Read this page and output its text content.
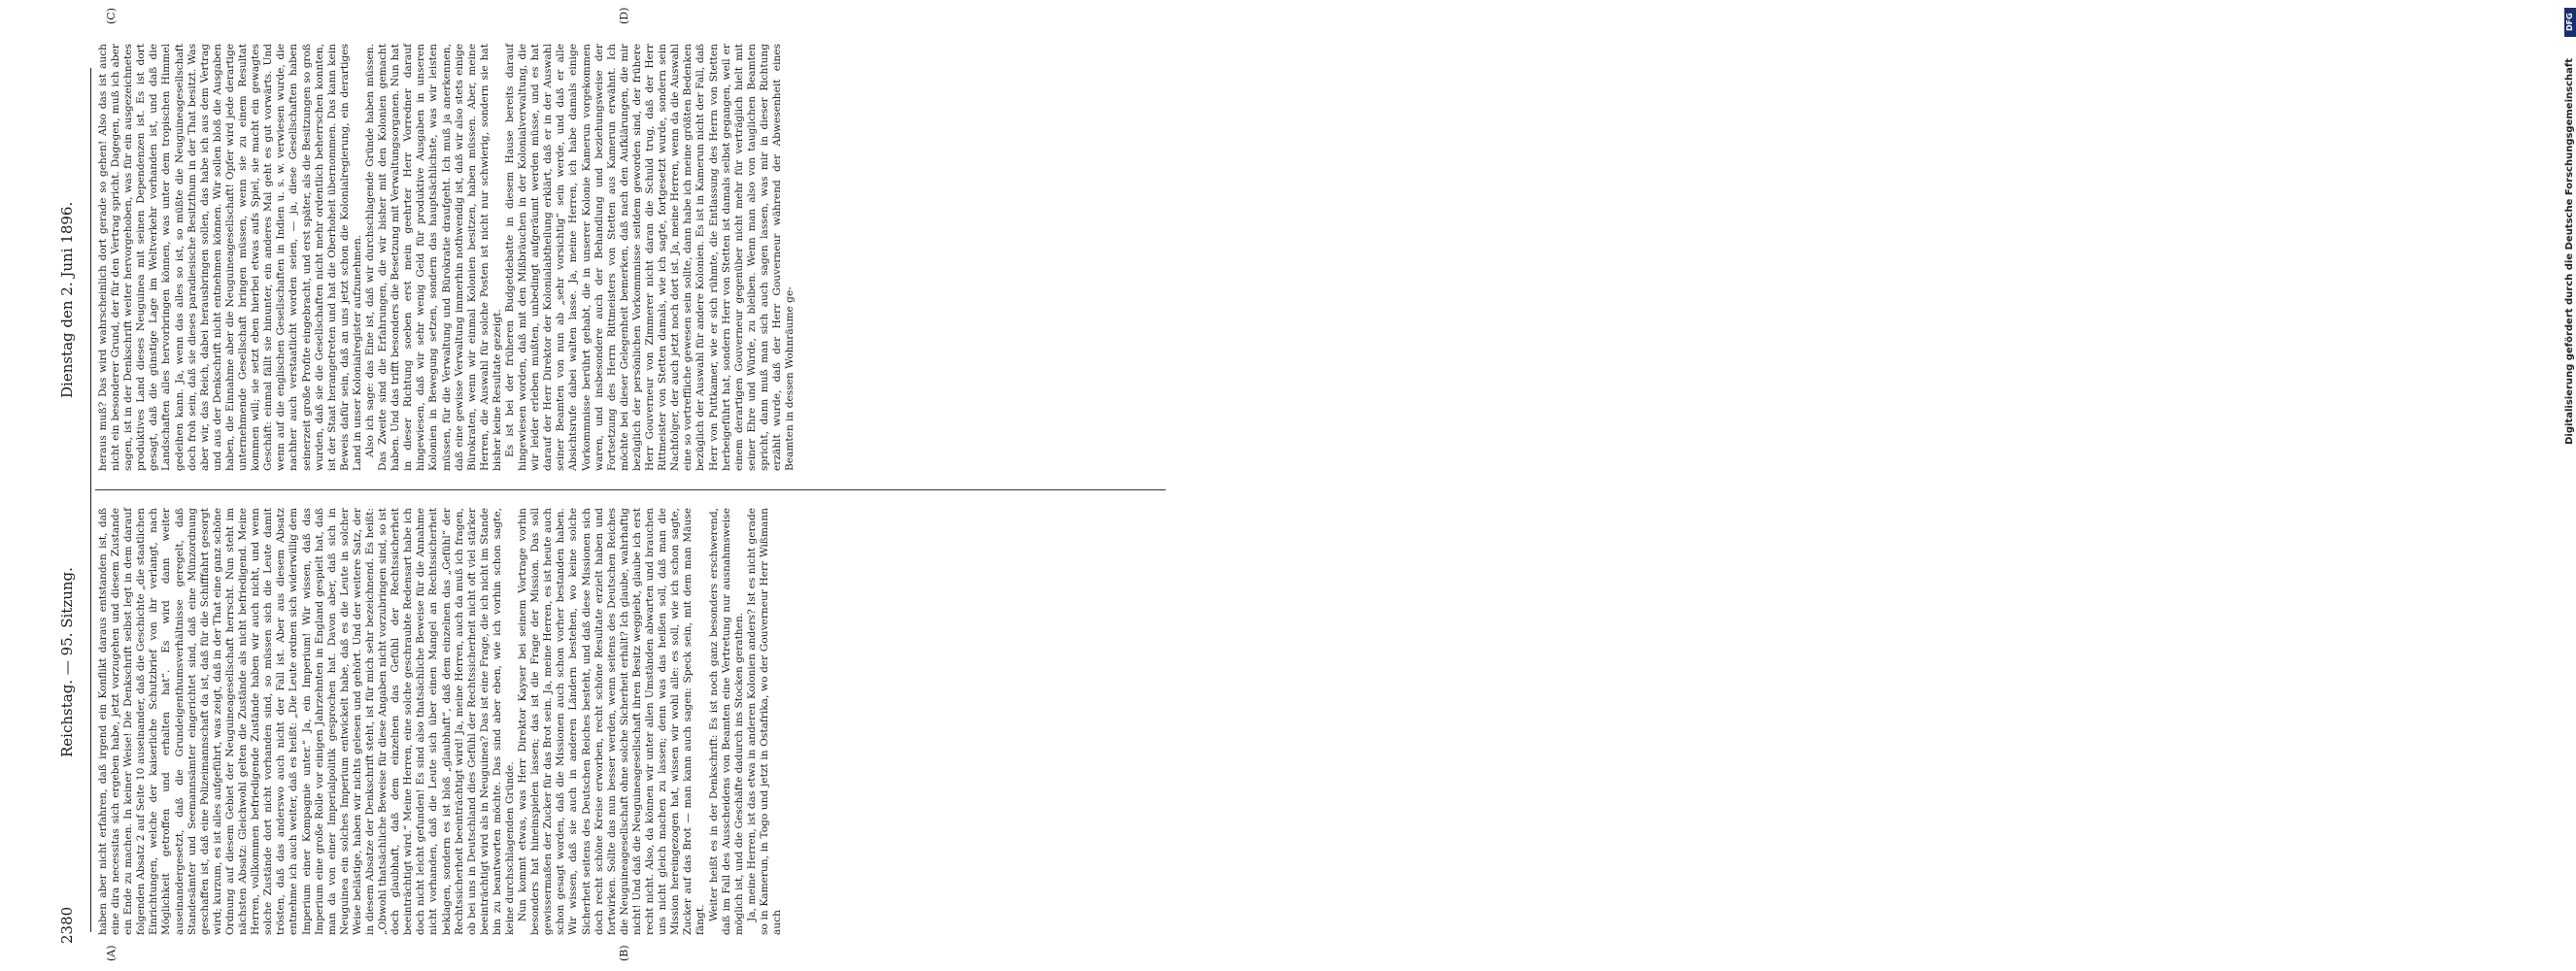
2380
Reichstag. — 95. Sitzung.
Dienstag den 2. Juni 1896.
(A)	(B)
(C)	(D)

haben aber nicht erfahren, daß irgend ein Konflikt daraus entstanden ist, daß eine dira necessitas sich ergeben habe, jetzt vorzugehen und diesem Zustande ein Ende zu machen. In keiner Weise! Die Denkschrift selbst legt in dem darauf folgenden Absatz 2 auf Seite 10 auseinander, daß die Geschichte „die staatlichen Einrichtungen, welche der kaiserliche Schutzbrief von ihr verlangt, nach Möglichkeit getroffen und erhalten hat“. Es wird dann weiter auseinandergesetzt, daß die Grundeigenthumsverhältnisse geregelt, daß Standesämter und Seemannsämter eingerichtet sind, daß eine Münzordnung geschaffen ist, daß eine Polizeimannschaft da ist, daß für die Schifffahrt gesorgt wird; kurzum, es ist alles aufgeführt, was zeigt, daß in der That eine ganz schöne Ordnung auf diesem Gebiet der Neuguineagesellschaft herrscht. Nun steht im nächsten Absatz: Gleichwohl gelten die Zustände als nicht befriedigend. Meine Herren, vollkommen befriedigende Zustände haben wir auch nicht, und wenn solche Zustände dort nicht vorhanden sind, so müssen sich die Leute damit trösten, daß das anderswo auch nicht der Fall ist. Aber aus diesem Absatz entnehme ich auch weiter, daß es heißt: „Die Leute ordnen sich widerwillig dem Imperium einer Kompagnie unter.“ Ja, ein Imperium! Wir wissen, daß das Imperium eine große Rolle vor einigen Jahrzehnten in England gespielt hat, daß man da von einer Imperialpolitik gesprochen hat. Davon aber, daß sich in Neuguinea ein solches Imperium entwickelt habe, daß es die Leute in solcher Weise belästige, haben wir nichts gelesen und gehört. Und der weitere Satz, der in diesem Absatze der Denkschrift steht, ist für mich sehr bezeichnend. Es heißt: „Obwohl thatsächliche Beweise für diese Angaben nicht vorzubringen sind, so ist doch glaubhaft, daß dem einzelnen das Gefühl der Rechtssicherheit beeinträchtigt wird.“ Meine Herren, eine solche geschraubte Redensart habe ich doch nicht leicht gefunden! Es sind also thatsächliche Beweise für die Annahme nicht vorhanden, daß die Leute sich über einen Mangel an Rechtssicherheit beklagen, sondern es ist bloß „glaubhaft“, daß dem einzelnen das „Gefühl“ der Rechtssicherheit beeinträchtigt wird! Ja, meine Herren, auch da muß ich fragen, ob bei uns in Deutschland dies Gefühl der Rechtssicherheit nicht oft viel stärker beeinträchtigt wird als in Neuguinea? Das ist eine Frage, die ich nicht im Stande bin zu beantworten möchte. Das sind aber eben, wie ich vorhin schon sagte, keine durchschlagenden Gründe. Nun kommt etwas, was Herr Direktor Kayser bei seinem Vortrage vorhin besonders hat hineinspielen lassen; das ist die Frage der Mission. Das soll gewissermaßen der Zucker für das Brot sein. Ja, meine Herren, es ist heute auch schon gesagt worden, daß die Missionen auch schon vorher bestanden haben. Wir wissen, daß sie auch in anderen Ländern bestehen, wo keine solche Sicherheit seitens des Deutschen Reiches besteht, und daß diese Missionen sich doch recht schöne Kreise erworben, recht schöne Resultate erzielt haben und fortwirken. Sollte das nun besser werden, wenn seitens des Deutschen Reiches die Neuguineagesellschaft ohne solche Sicherheit erhält? Ich glaube, wahrhaftig nicht! Und daß die Neuguineagesellschaft ihren Besitz weggiebt, glaube ich erst recht nicht. Also, da können wir unter allen Umständen abwarten und brauchen uns nicht gleich machen zu lassen; denn was das heißen soll, daß man die Mission hereingezogen hat, wissen wir wohl alle: es soll, wie ich schon sagte, Zucker auf das Brot — man kann auch sagen: Speck sein, mit dem man Mäuse fängt. Weiter heißt es in der Denkschrift: Es ist noch ganz besonders erschwerend, daß im Fall des Ausscheidens von Beamten eine Vertretung nur ausnahmsweise möglich ist, und die Geschäfte dadurch ins Stocken gerathen. Ja, meine Herren, ist das etwa in anderen Kolonien anders? Ist es nicht gerade so in Kamerun, in Togo und jetzt in Ostafrika, wo der Gouverneur Herr Wißmann auch

heraus muß? Das wird wahrscheinlich dort gerade so gehen! Also das ist auch nicht ein besonderer Grund, der für den Vertrag spricht. Dagegen, muß ich aber sagen, ist in der Denkschrift weiter hervorgehoben, was für ein ausgezeichnetes produktives Land dieses Neuguinea mit seinen Dependenzen ist. Es ist dort gesagt, daß die günstige Lage im Weltverkehr vorhanden ist, und daß die Landschaften alles hervorbringen können, was unter dem tropischen Himmel gedeihen kann. Ja, wenn das alles so ist, so müßte die Neuguineagesellschaft doch froh sein, daß sie dieses paradiesische Besitzthum in der That besitzt. Was aber wir, das Reich, dabei herausbringen sollen, das habe ich aus dem Vertrag und aus der Denkschrift nicht entnehmen können. Wir sollen bloß die Ausgaben haben, die Einnahme aber die Neuguineagesellschaft! Opfer wird jede derartige unternehmende Gesellschaft bringen müssen, wenn sie zu einem Resultat kommen will; sie setzt eben hierbei etwas aufs Spiel, sie macht ein gewagtes Geschäft: einmal fällt sie hinunter, ein anderes Mal geht es gut vorwärts. Und wenn auf die englischen Gesellschaften in Indien u. s. w. verwiesen wurde, die nachher auch verstaatlicht worden seien, — ja, diese Gesellschaften haben seinerzeit große Profite eingebracht, und erst später, als die Besitzungen so groß wurden, daß sie die Gesellschaften nicht mehr ordentlich beherrschen konnten, ist der Staat herangetreten und hat die Oberhoheit übernommen. Das kann kein Beweis dafür sein, daß an uns jetzt schon die Kolonialregierung, ein derartiges Land in unser Kolonialregister aufzunehmen. Also ich sage: das Eine ist, daß wir durchschlagende Gründe haben müssen. Das Zweite sind die Erfahrungen, die wir bisher mit den Kolonien gemacht haben. Und das trifft besonders die Besetzung mit Verwaltungsorganen. Nun hat in dieser Richtung soeben erst mein geehrter Herr Vorredner darauf hingewiesen, daß wir sehr wenig Geld für produktive Ausgaben in unseren Kolonien in Bewegung setzen, sondern das hauptsächlichste, was wir leisten müssen, für die Verwaltung und Bürokratie draufgeht. Ich muß ja anerkennen, daß eine gewisse Verwaltung immerhin nothwendig ist, daß wir also stets einige Bürokraten, wenn wir einmal Kolonien besitzen, haben müssen. Aber, meine Herren, die Auswahl für solche Posten ist nicht nur schwierig, sondern sie hat bisher keine Resultate gezeigt. Es ist bei der früheren Budgetdebatte in diesem Hause bereits darauf hingewiesen worden, daß mit den Mißbräuchen in der Kolonialverwaltung, die wir leider erleben mußten, unbedingt aufgeräumt werden müsse, und es hat darauf der Herr Direktor der Kolonialabtheilung erklärt, daß er in der Auswahl seiner Beamten von nun ab „sehr vorsichtig“ sein werde, und daß er alle Absichtsrufe dabei walten lasse. Ja, meine Herren, ich habe damals einige Vorkommnisse berührt gehabt, die in unserer Kolonie Kamerun vorgekommen waren, und insbesondere auch der Behandlung und beziehungsweise der Fortsetzung des Herrn Rittmeisters von Stetten aus Kamerun erwähnt. Ich möchte bei dieser Gelegenheit bemerken, daß nach den Aufklärungen, die mir bezüglich der persönlichen Vorkommnisse seitdem geworden sind, der frühere Herr Gouverneur von Zimmerer nicht daran die Schuld trug, daß der Herr Rittmeister von Stetten damals, wie ich sagte, fortgesetzt wurde, sondern sein Nachfolger, der auch jetzt noch dort ist. Ja, meine Herren, wenn da die Auswahl eine so vortreffliche gewesen sein sollte, dann habe ich meine größten Bedenken bezüglich der Auswahl für andere Kolonien. Es ist in Kamerun nicht der Fall, daß Herr von Puttkamer, wie er sich rühmte, die Entlassung des Herrn von Stetten herbeigeführt hat, sondern Herr von Stetten ist damals selbst gegangen, weil er einem derartigen Gouverneur gegenüber nicht mehr für verträglich hielt mit seiner Ehre und Würde, zu bleiben. Wenn man also von tauglichen Beamten spricht, dann muß man sich auch sagen lassen, was mir in dieser Richtung erzählt wurde, daß der Herr Gouverneur während der Abwesenheit eines Beamten in dessen Wohnräume ge-

DFG
Digitalisierung gefördert durch die Deutsche Forschungsgemeinschaft
